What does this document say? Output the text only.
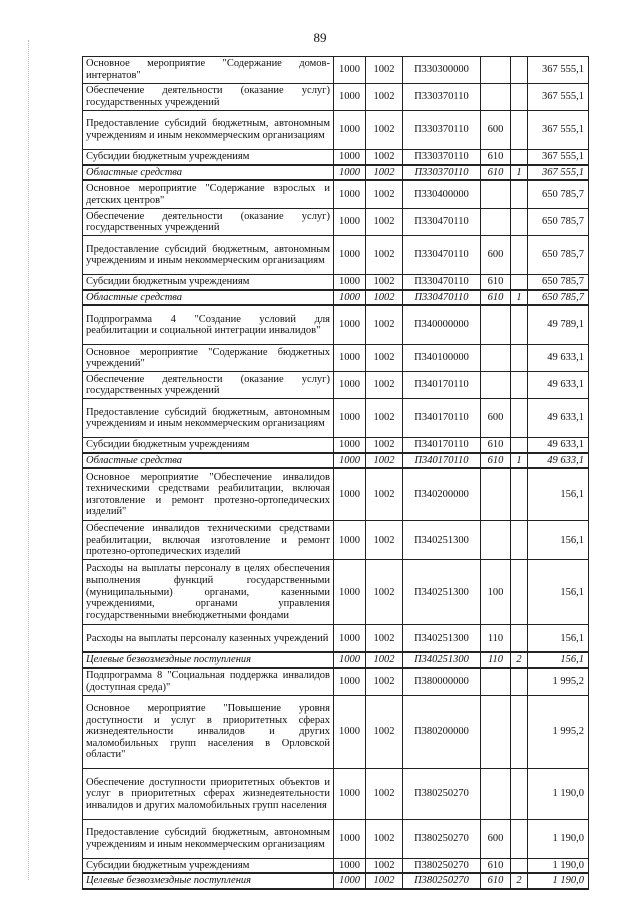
89
Основное мероприятие "Содержание домов-интернатов"	1000	1002	П330300000			367 555,1
Обеспечение деятельности (оказание услуг) государственных учреждений	1000	1002	П330370110			367 555,1
Предоставление субсидий бюджетным, автономным учреждениям и иным некоммерческим организациям	1000	1002	П330370110	600		367 555,1
Субсидии бюджетным учреждениям	1000	1002	П330370110	610		367 555,1
Областные средства	1000	1002	П330370110	610	1	367 555,1
Основное мероприятие "Содержание взрослых и детских центров"	1000	1002	П330400000			650 785,7
Обеспечение деятельности (оказание услуг) государственных учреждений	1000	1002	П330470110			650 785,7
Предоставление субсидий бюджетным, автономным учреждениям и иным некоммерческим организациям	1000	1002	П330470110	600		650 785,7
Субсидии бюджетным учреждениям	1000	1002	П330470110	610		650 785,7
Областные средства	1000	1002	П330470110	610	1	650 785,7
Подпрограмма 4 "Создание условий для реабилитации и социальной интеграции инвалидов"	1000	1002	П340000000			49 789,1
Основное мероприятие "Содержание бюджетных учреждений"	1000	1002	П340100000			49 633,1
Обеспечение деятельности (оказание услуг) государственных учреждений	1000	1002	П340170110			49 633,1
Предоставление субсидий бюджетным, автономным учреждениям и иным некоммерческим организациям	1000	1002	П340170110	600		49 633,1
Субсидии бюджетным учреждениям	1000	1002	П340170110	610		49 633,1
Областные средства	1000	1002	П340170110	610	1	49 633,1
Основное мероприятие "Обеспечение инвалидов техническими средствами реабилитации, включая изготовление и ремонт протезно-ортопедических изделий"	1000	1002	П340200000			156,1
Обеспечение инвалидов техническими средствами реабилитации, включая изготовление и ремонт протезно-ортопедических изделий	1000	1002	П340251300			156,1
Расходы на выплаты персоналу в целях обеспечения выполнения функций государственными (муниципальными) органами, казенными учреждениями, органами управления государственными внебюджетными фондами	1000	1002	П340251300	100		156,1
Расходы на выплаты персоналу казенных учреждений	1000	1002	П340251300	110		156,1
Целевые безвозмездные поступления	1000	1002	П340251300	110	2	156,1
Подпрограмма 8 "Социальная поддержка инвалидов (доступная среда)"	1000	1002	П380000000			1 995,2
Основное мероприятие "Повышение уровня доступности и услуг в приоритетных сферах жизнедеятельности инвалидов и других маломобильных групп населения в Орловской области"	1000	1002	П380200000			1 995,2
Обеспечение доступности приоритетных объектов и услуг в приоритетных сферах жизнедеятельности инвалидов и других маломобильных групп населения	1000	1002	П380250270			1 190,0
Предоставление субсидий бюджетным, автономным учреждениям и иным некоммерческим организациям	1000	1002	П380250270	600		1 190,0
Субсидии бюджетным учреждениям	1000	1002	П380250270	610		1 190,0
Целевые безвозмездные поступления	1000	1002	П380250270	610	2	1 190,0
